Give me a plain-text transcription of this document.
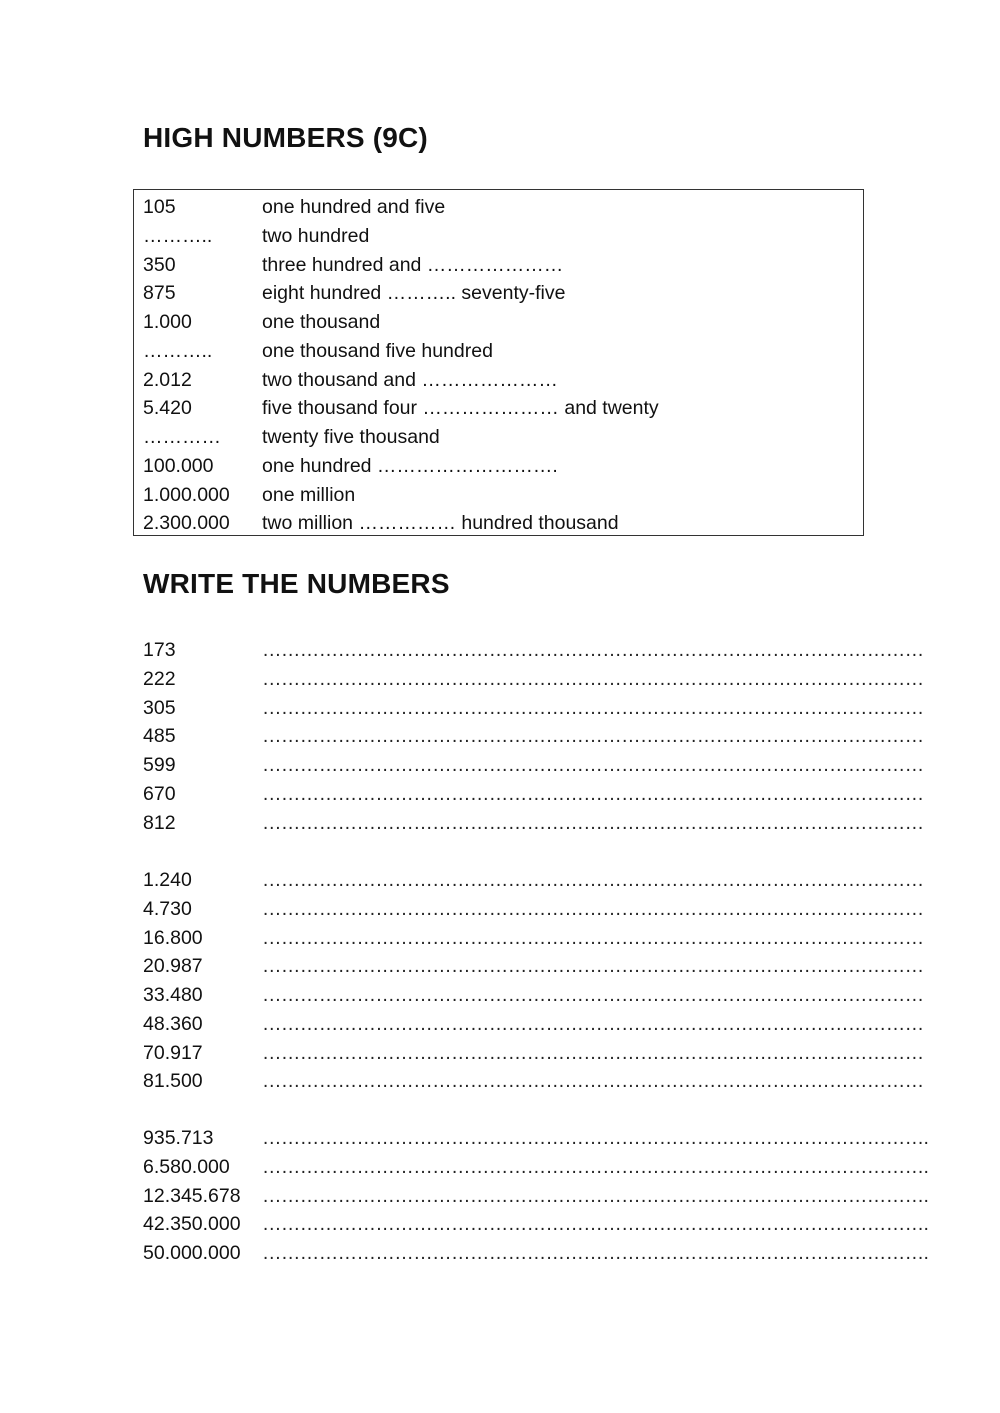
HIGH NUMBERS (9C)
105	one hundred and five
………..	two hundred
350	three hundred and …………………
875	eight hundred ……….. seventy-five
1.000	one thousand
………..	one thousand five hundred
2.012	two thousand and …………………
5.420	five thousand four ………………… and twenty
………… twenty five thousand
100.000 one hundred ……………………….
1.000.000 one million
2.300.000 two million …………… hundred thousand
WRITE THE NUMBERS
173	……………………………………………………………………………………………
222	……………………………………………………………………………………………
305	……………………………………………………………………………………………
485	……………………………………………………………………………………………
599	……………………………………………………………………………………………
670	……………………………………………………………………………………………
812	……………………………………………………………………………………………
1.240	……………………………………………………………………………………………
4.730	……………………………………………………………………………………………
16.800	……………………………………………………………………………………………
20.987	……………………………………………………………………………………………
33.480	……………………………………………………………………………………………
48.360	……………………………………………………………………………………………
70.917	……………………………………………………………………………………………
81.500	……………………………………………………………………………………………
935.713 …………………………………………………………………………………………….
6.580.000 …………………………………………………………………………………………….
12.345.678 …………………………………………………………………………………………….
42.350.000 …………………………………………………………………………………………….
50.000.000 …………………………………………………………………………………………….
